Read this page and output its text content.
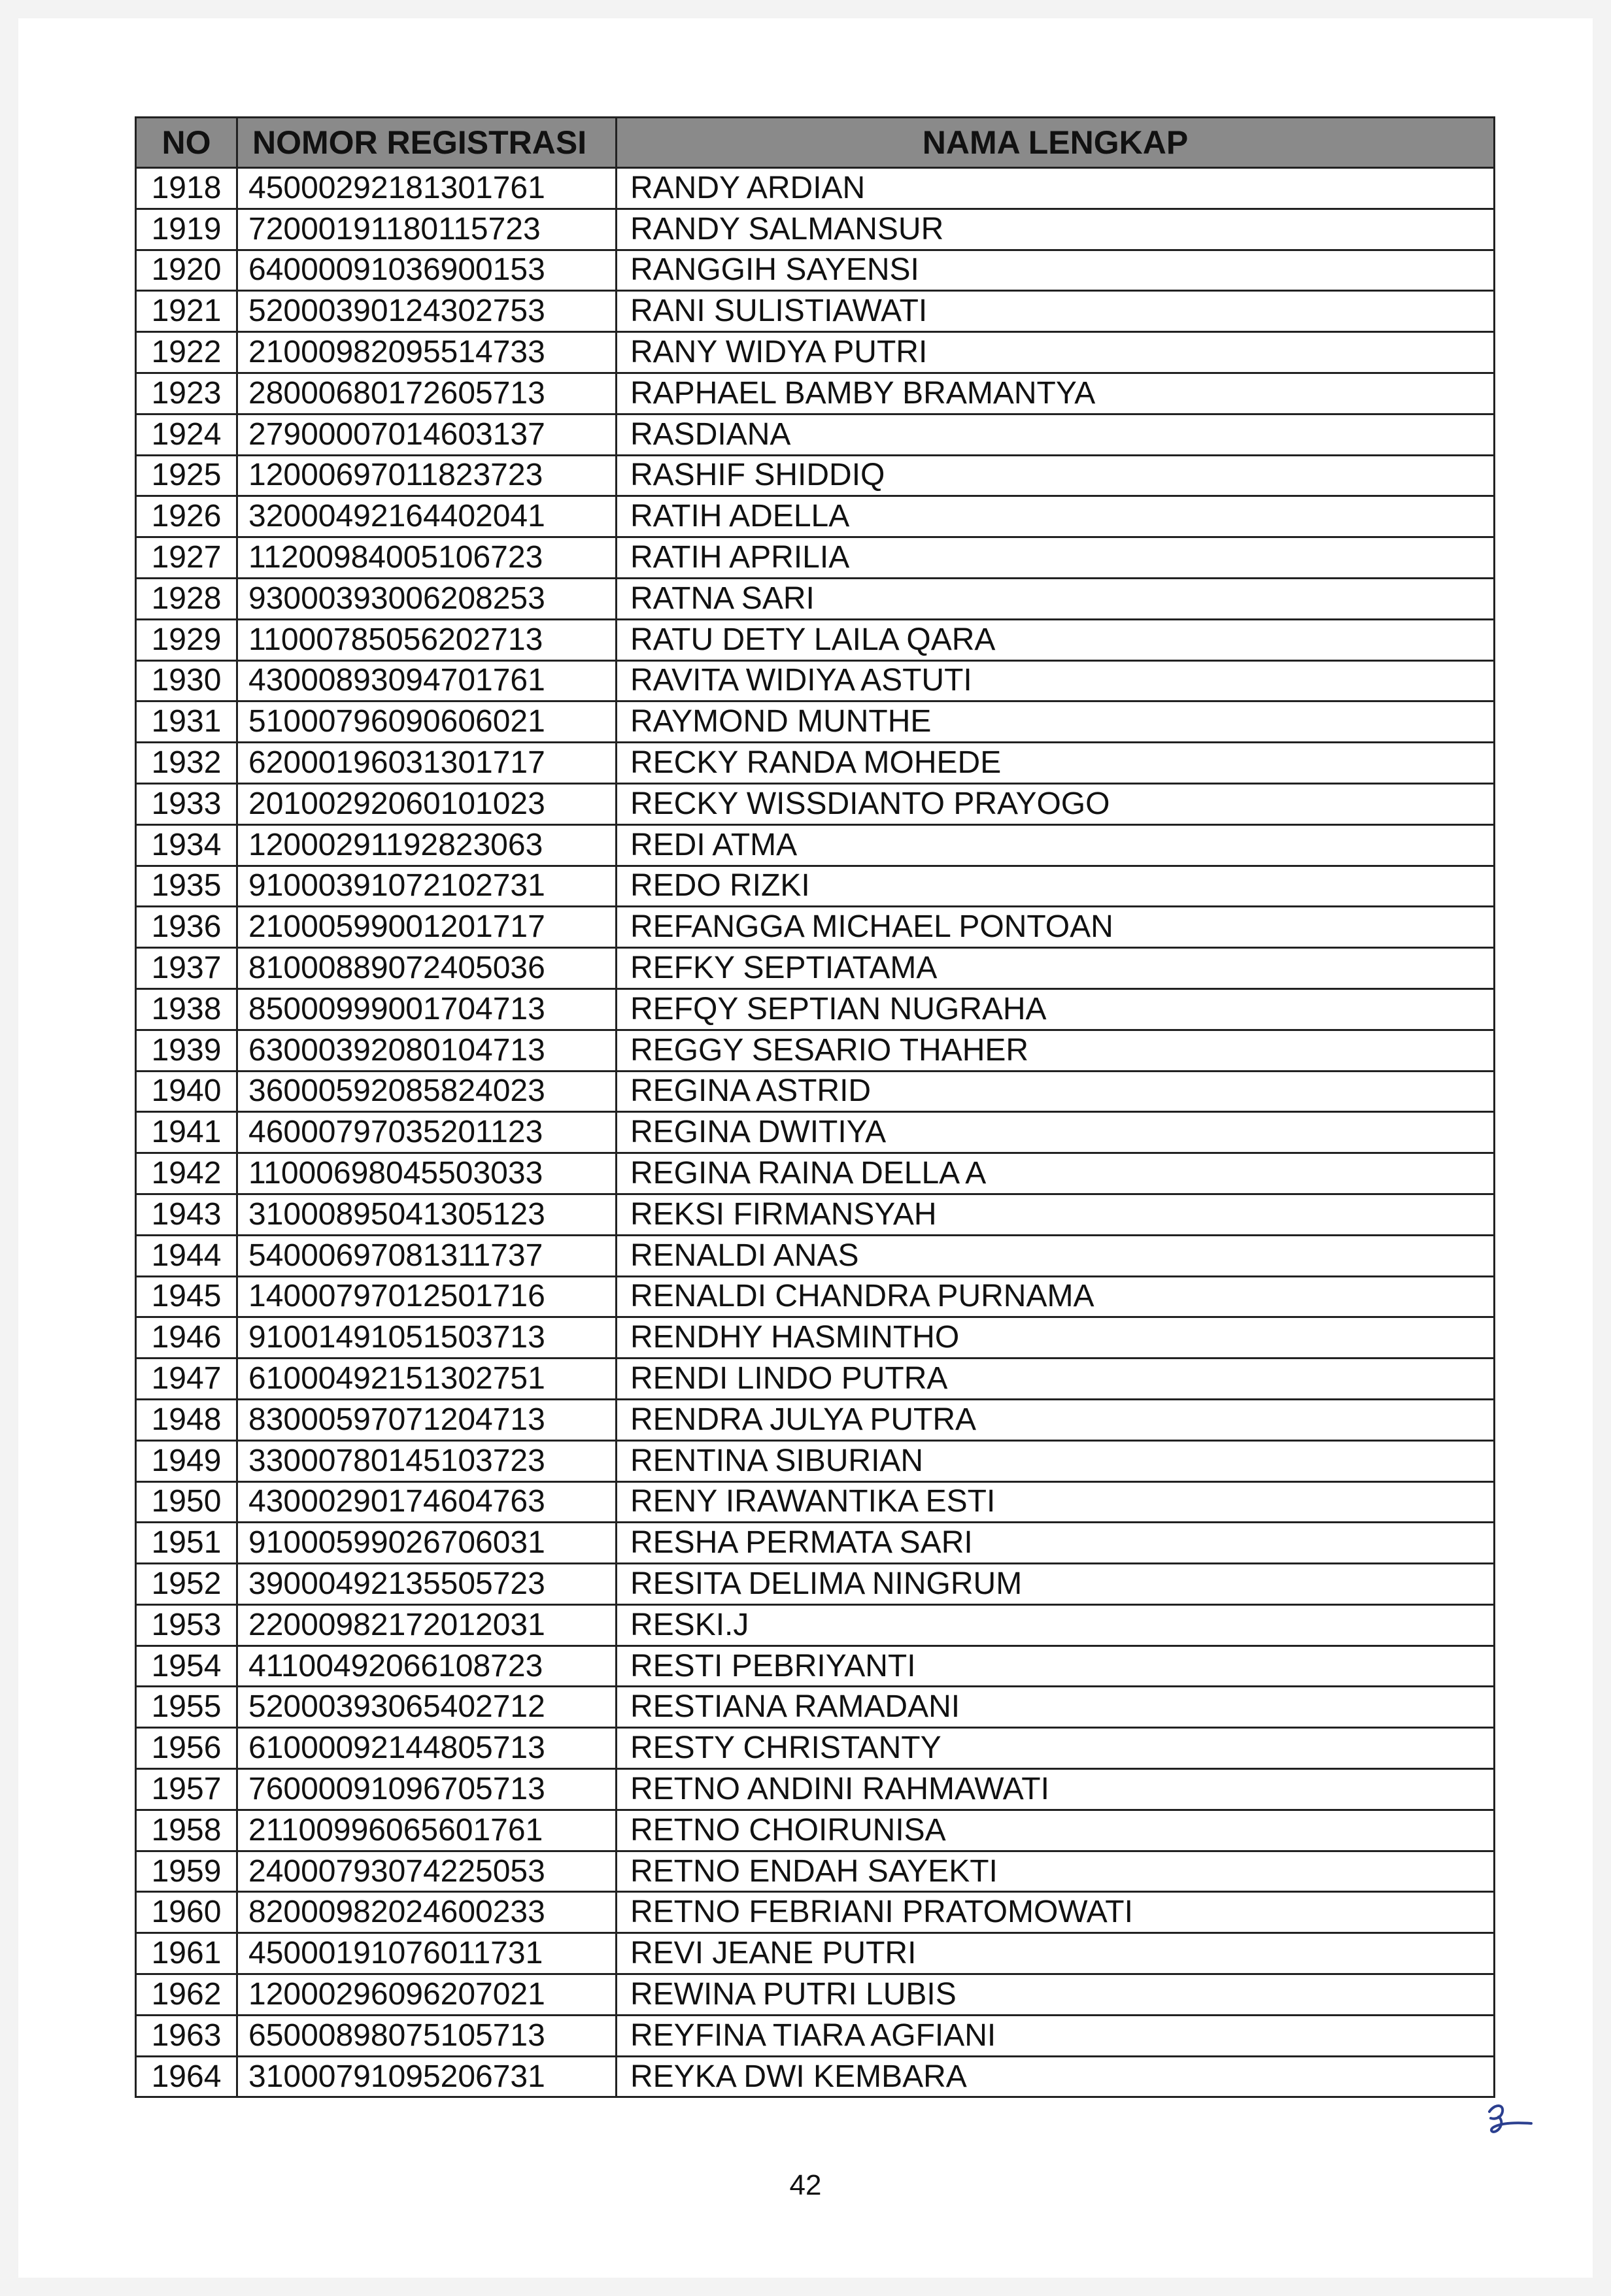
NO	NOMOR REGISTRASI	NAMA LENGKAP
1918	45000292181301761	RANDY ARDIAN
1919	72000191180115723	RANDY SALMANSUR
1920	64000091036900153	RANGGIH SAYENSI
1921	52000390124302753	RANI SULISTIAWATI
1922	21000982095514733	RANY WIDYA PUTRI
1923	28000680172605713	RAPHAEL BAMBY BRAMANTYA
1924	27900007014603137	RASDIANA
1925	12000697011823723	RASHIF SHIDDIQ
1926	32000492164402041	RATIH ADELLA
1927	11200984005106723	RATIH APRILIA
1928	93000393006208253	RATNA SARI
1929	11000785056202713	RATU DETY LAILA QARA
1930	43000893094701761	RAVITA WIDIYA ASTUTI
1931	51000796090606021	RAYMOND MUNTHE
1932	62000196031301717	RECKY RANDA MOHEDE
1933	20100292060101023	RECKY WISSDIANTO PRAYOGO
1934	12000291192823063	REDI ATMA
1935	91000391072102731	REDO RIZKI
1936	21000599001201717	REFANGGA MICHAEL PONTOAN
1937	81000889072405036	REFKY SEPTIATAMA
1938	85000999001704713	REFQY SEPTIAN NUGRAHA
1939	63000392080104713	REGGY SESARIO THAHER
1940	36000592085824023	REGINA ASTRID
1941	46000797035201123	REGINA DWITIYA
1942	11000698045503033	REGINA RAINA DELLA A
1943	31000895041305123	REKSI FIRMANSYAH
1944	54000697081311737	RENALDI ANAS
1945	14000797012501716	RENALDI CHANDRA PURNAMA
1946	91001491051503713	RENDHY HASMINTHO
1947	61000492151302751	RENDI LINDO PUTRA
1948	83000597071204713	RENDRA JULYA PUTRA
1949	33000780145103723	RENTINA SIBURIAN
1950	43000290174604763	RENY IRAWANTIKA ESTI
1951	91000599026706031	RESHA PERMATA SARI
1952	39000492135505723	RESITA DELIMA NINGRUM
1953	22000982172012031	RESKI.J
1954	41100492066108723	RESTI PEBRIYANTI
1955	52000393065402712	RESTIANA RAMADANI
1956	61000092144805713	RESTY CHRISTANTY
1957	76000091096705713	RETNO ANDINI RAHMAWATI
1958	21100996065601761	RETNO CHOIRUNISA
1959	24000793074225053	RETNO ENDAH SAYEKTI
1960	82000982024600233	RETNO FEBRIANI PRATOMOWATI
1961	45000191076011731	REVI JEANE PUTRI
1962	12000296096207021	REWINA PUTRI LUBIS
1963	65000898075105713	REYFINA TIARA AGFIANI
1964	31000791095206731	REYKA DWI KEMBARA
42
